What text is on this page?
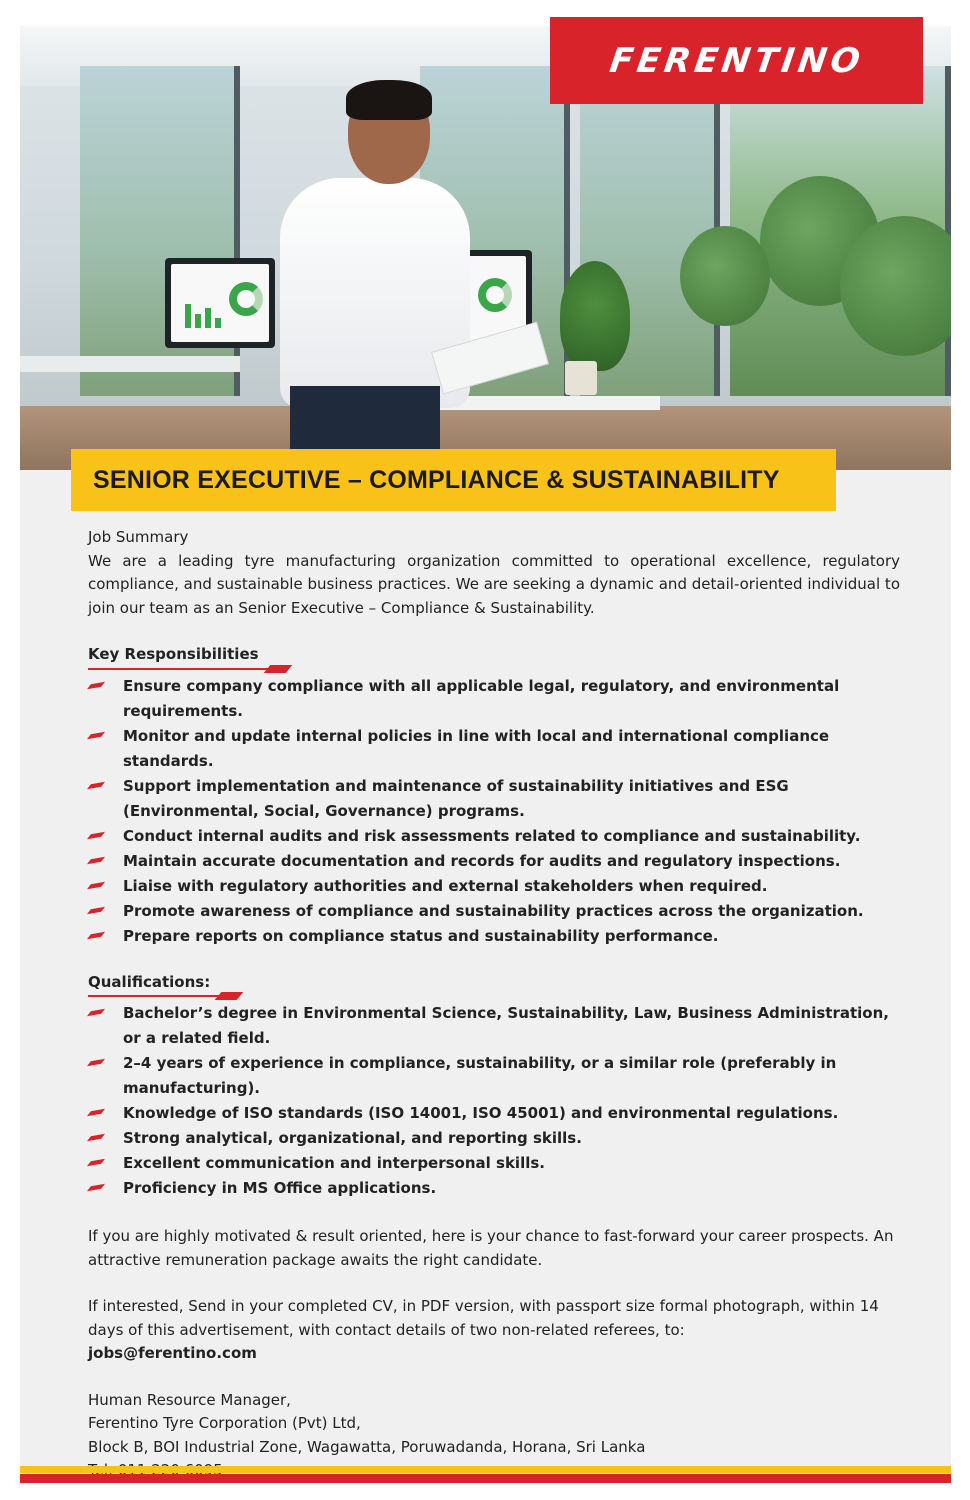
FERENTINO
SENIOR EXECUTIVE – COMPLIANCE & SUSTAINABILITY
Job Summary

We are a leading tyre manufacturing organization committed to operational excellence, regulatory compliance, and sustainable business practices. We are seeking a dynamic and detail-oriented individual to join our team as an Senior Executive – Compliance & Sustainability.

Key Responsibilities
Ensure company compliance with all applicable legal, regulatory, and environmental requirements.
Monitor and update internal policies in line with local and international compliance standards.
Support implementation and maintenance of sustainability initiatives and ESG (Environmental, Social, Governance) programs.
Conduct internal audits and risk assessments related to compliance and sustainability.
Maintain accurate documentation and records for audits and regulatory inspections.
Liaise with regulatory authorities and external stakeholders when required.
Promote awareness of compliance and sustainability practices across the organization.
Prepare reports on compliance status and sustainability performance.
Qualifications:
Bachelor’s degree in Environmental Science, Sustainability, Law, Business Administration, or a related field.
2–4 years of experience in compliance, sustainability, or a similar role (preferably in manufacturing).
Knowledge of ISO standards (ISO 14001, ISO 45001) and environmental regulations.
Strong analytical, organizational, and reporting skills.
Excellent communication and interpersonal skills.
Proficiency in MS Office applications.

If you are highly motivated & result oriented, here is your chance to fast-forward your career prospects. An attractive remuneration package awaits the right candidate.

If interested, Send in your completed CV, in PDF version, with passport size formal photograph, within 14 days of this advertisement, with contact details of two non-related referees, to:

jobs@ferentino.com

Human Resource Manager,

Ferentino Tyre Corporation (Pvt) Ltd,

Block B, BOI Industrial Zone, Wagawatta, Poruwadanda, Horana, Sri Lanka
